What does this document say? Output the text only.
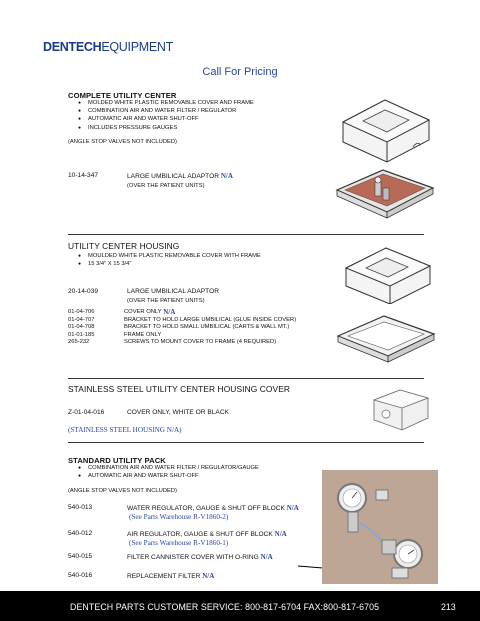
DENTECHEQUIPMENT
Call For Pricing
COMPLETE UTILITY CENTER
● MOLDED WHITE PLASTIC REMOVABLE COVER AND FRAME
● COMBINATION AIR AND WATER FILTER / REGULATOR
● AUTOMATIC AIR AND WATER SHUT-OFF
● INCLUDES PRESSURE GAUGES
(ANGLE STOP VALVES NOT INCLUDED)
10-14-347	LARGE UMBILICAL ADAPTOR N/A
(OVER THE PATIENT UNITS)
UTILITY CENTER HOUSING
● MOULDED WHITE PLASTIC REMOVABLE COVER WITH FRAME
● 15 3/4" X 15 3/4"
20-14-039	LARGE UMBILICAL ADAPTOR
(OVER THE PATIENT UNITS)
01-04-706	COVER ONLY
N/A
01-04-707	BRACKET TO HOLD LARGE UMBILICAL (GLUE INSIDE COVER)
01-04-708	BRACKET TO HOLD SMALL UMBILICAL (CARTS & WALL MT.)
01-01-185	FRAME ONLY
265-232	SCREWS TO MOUNT COVER TO FRAME (4 REQUIRED)
STAINLESS STEEL UTILITY CENTER HOUSING COVER
Z-01-04-016	COVER ONLY, WHITE OR BLACK
(STAINLESS STEEL HOUSING N/A)
STANDARD UTILITY PACK
● COMBINATION AIR AND WATER FILTER / REGULATOR/GAUGE
● AUTOMATIC AIR AND WATER SHUT-OFF
(ANGLE STOP VALVES NOT INCLUDED)
540-013	WATER REGULATOR, GAUGE & SHUT OFF BLOCK N/A
(See Parts Warehouse R-V1860-2)
540-012	AIR REGULATOR, GAUGE & SHUT OFF BLOCK N/A
(See Parts Warehouse R-V1860-1)
540-015	FILTER CANNISTER COVER WITH O-RING N/A
540-016	REPLACEMENT FILTER N/A
DENTECH PARTS CUSTOMER SERVICE: 800-817-6704 FAX:800-817-6705	213
